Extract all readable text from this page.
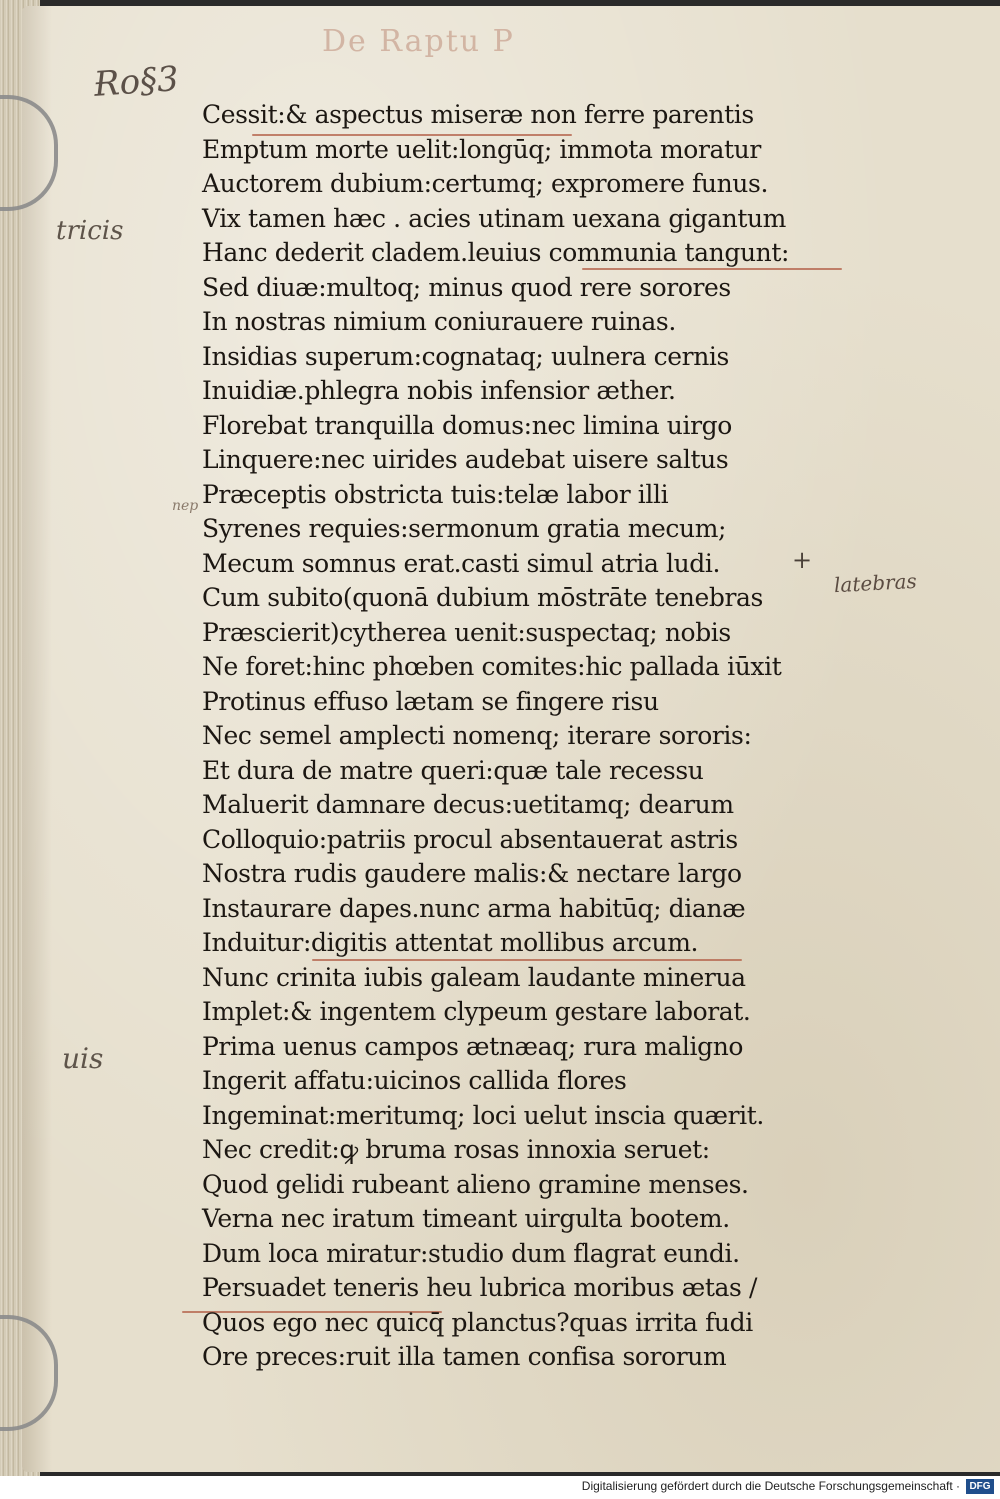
De Raptu P
Ɍo§3
tricis
nep
uis
+
latebras
Cessit:& aspectus miseræ non ferre parentis
Emptum morte uelit:longūq; immota moratur
Auctorem dubium:certumq; expromere funus.
Vix tamen hæc . acies utinam uexana gigantum
Hanc dederit cladem.leuius communia tangunt:
Sed diuæ:multoq; minus quod rere sorores
In nostras nimium coniurauere ruinas.
Insidias superum:cognataq; uulnera cernis
Inuidiæ.phlegra nobis infensior æther.
Florebat tranquilla domus:nec limina uirgo
Linquere:nec uirides audebat uisere saltus
Præceptis obstricta tuis:telæ labor illi
Syrenes requies:sermonum gratia mecum;
Mecum somnus erat.casti simul atria ludi.
Cum subito(quonā dubium mōstrāte tenebras
Præscierit)cytherea uenit:suspectaq; nobis
Ne foret:hinc phœben comites:hic pallada iūxit
Protinus effuso lætam se fingere risu
Nec semel amplecti nomenq; iterare sororis:
Et dura de matre queri:quæ tale recessu
Maluerit damnare decus:uetitamq; dearum
Colloquio:patriis procul absentauerat astris
Nostra rudis gaudere malis:& nectare largo
Instaurare dapes.nunc arma habitūq; dianæ
Induitur:digitis attentat mollibus arcum.
Nunc crinita iubis galeam laudante minerua
Implet:& ingentem clypeum gestare laborat.
Prima uenus campos ætnæaq; rura maligno
Ingerit affatu:uicinos callida flores
Ingeminat:meritumq; loci uelut inscia quærit.
Nec credit:ꝙ bruma rosas innoxia seruet:
Quod gelidi rubeant alieno gramine menses.
Verna nec iratum timeant uirgulta bootem.
Dum loca miratur:studio dum flagrat eundi.
Persuadet teneris heu lubrica moribus ætas /
Quos ego nec quicq̄ planctus?quas irrita fudi
Ore preces:ruit illa tamen confisa sororum
Digitalisierung gefördert durch die Deutsche Forschungsgemeinschaft · DFG
